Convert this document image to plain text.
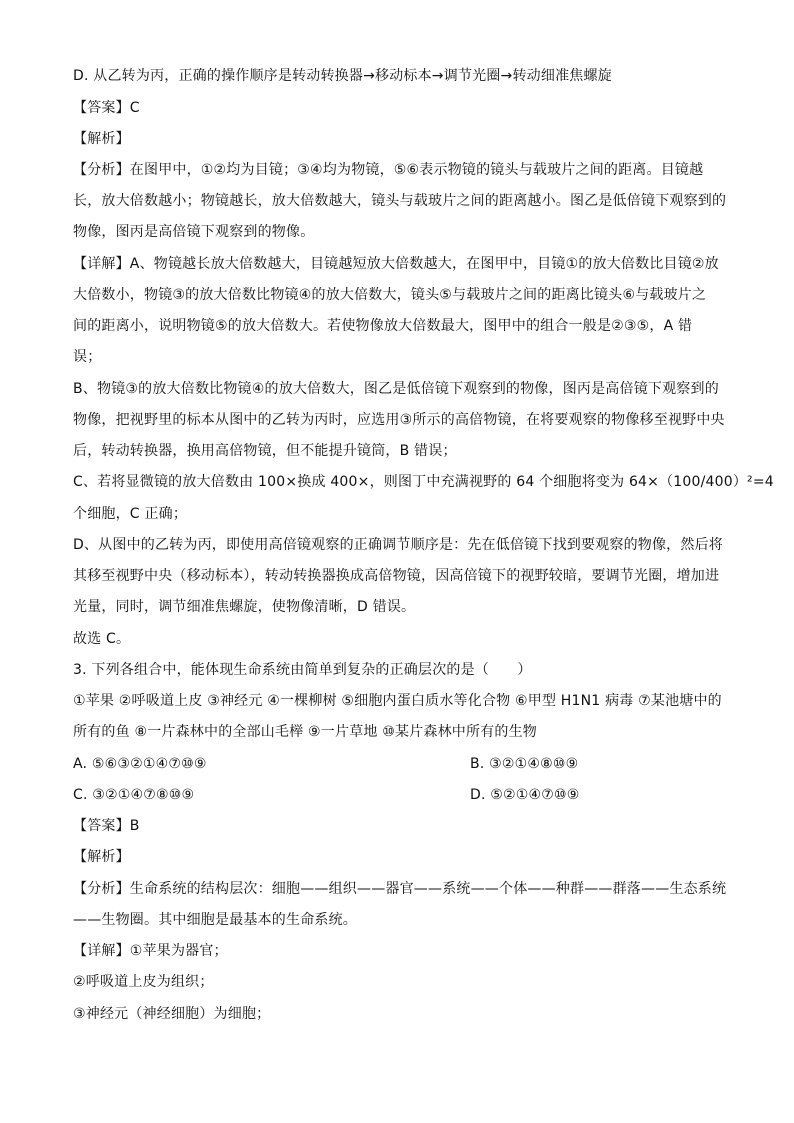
D. 从乙转为丙，正确的操作顺序是转动转换器→移动标本→调节光圈→转动细准焦螺旋
【答案】C
【解析】
【分析】在图甲中，①②均为目镜；③④均为物镜，⑤⑥表示物镜的镜头与载玻片之间的距离。目镜越
长，放大倍数越小；物镜越长，放大倍数越大，镜头与载玻片之间的距离越小。图乙是低倍镜下观察到的
物像，图丙是高倍镜下观察到的物像。
【详解】A、物镜越长放大倍数越大，目镜越短放大倍数越大，在图甲中，目镜①的放大倍数比目镜②放
大倍数小，物镜③的放大倍数比物镜④的放大倍数大，镜头⑤与载玻片之间的距离比镜头⑥与载玻片之
间的距离小，说明物镜⑤的放大倍数大。若使物像放大倍数最大，图甲中的组合一般是②③⑤，A 错
误；
B、物镜③的放大倍数比物镜④的放大倍数大，图乙是低倍镜下观察到的物像，图丙是高倍镜下观察到的
物像，把视野里的标本从图中的乙转为丙时，应选用③所示的高倍物镜，在将要观察的物像移至视野中央
后，转动转换器，换用高倍物镜，但不能提升镜筒，B 错误；
C、若将显微镜的放大倍数由 100×换成 400×，则图丁中充满视野的 64 个细胞将变为 64×（100/400）²=4
个细胞，C 正确；
D、从图中的乙转为丙，即使用高倍镜观察的正确调节顺序是：先在低倍镜下找到要观察的物像，然后将
其移至视野中央（移动标本），转动转换器换成高倍物镜，因高倍镜下的视野较暗，要调节光圈，增加进
光量，同时，调节细准焦螺旋，使物像清晰，D 错误。
故选 C。
3. 下列各组合中，能体现生命系统由简单到复杂的正确层次的是（　　）
①苹果 ②呼吸道上皮 ③神经元 ④一棵柳树 ⑤细胞内蛋白质水等化合物 ⑥甲型 H1N1 病毒 ⑦某池塘中的
所有的鱼 ⑧一片森林中的全部山毛榉 ⑨一片草地 ⑩某片森林中所有的生物
A. ⑤⑥③②①④⑦⑩⑨	B. ③②①④⑧⑩⑨
C. ③②①④⑦⑧⑩⑨	D. ⑤②①④⑦⑩⑨
【答案】B
【解析】
【分析】生命系统的结构层次：细胞——组织——器官——系统——个体——种群——群落——生态系统
——生物圈。其中细胞是最基本的生命系统。
【详解】①苹果为器官；
②呼吸道上皮为组织；
③神经元（神经细胞）为细胞；
